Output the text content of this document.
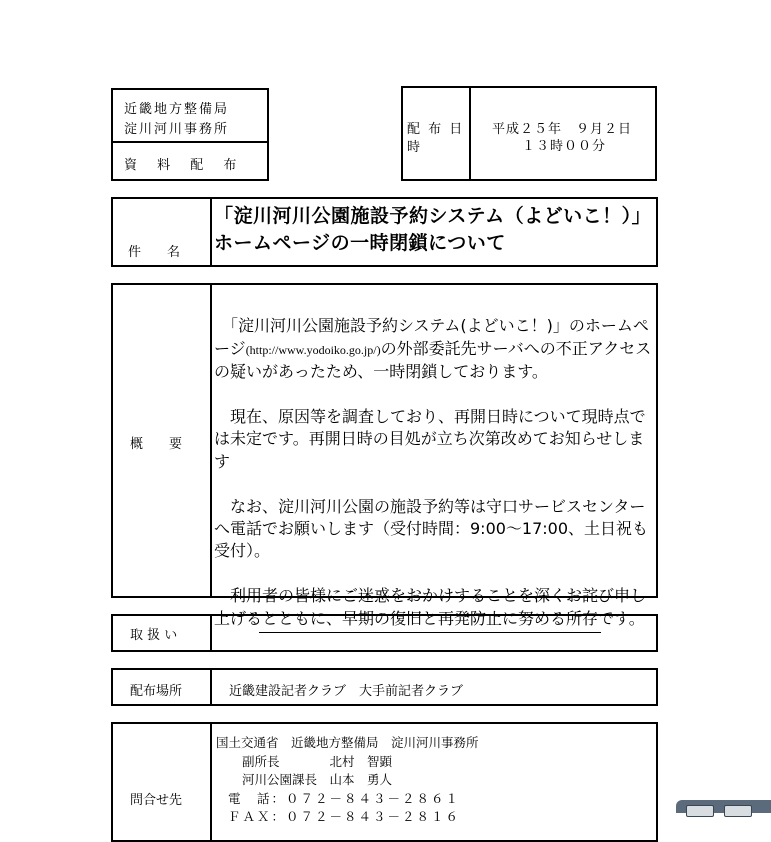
近畿地方整備局
淀川河川事務所
資 料 配 布
配 布 日
時
平成２５年　９月２日
１３時００分
件　　名
「淀川河川公園施設予約システム（よどいこ！）」ホームページの一時閉鎖について
概　　要

　「淀川河川公園施設予約システム(よどいこ！)」のホームページ(http://www.yodoiko.go.jp/)の外部委託先サーバへの不正アクセスの疑いがあったため、一時閉鎖しております。

　現在、原因等を調査しており、再開日時について現時点では未定です。再開日時の目処が立ち次第改めてお知らせします

　なお、淀川河川公園の施設予約等は守口サービスセンターへ電話でお願いします（受付時間：9:00～17:00、土日祝も受付）。

　利用者の皆様にご迷惑をおかけすることを深くお詫び申し上げるとともに、早期の復旧と再発防止に努める所存です。

取 扱 い
配布場所	近畿建設記者クラブ　大手前記者クラブ
問合せ先
国土交通省　近畿地方整備局　淀川河川事務所
副所長　　　　北村　智顕
河川公園課長　山本　勇人
電　話：０７２－８４３－２８６１
ＦＡＸ：０７２－８４３－２８１６
